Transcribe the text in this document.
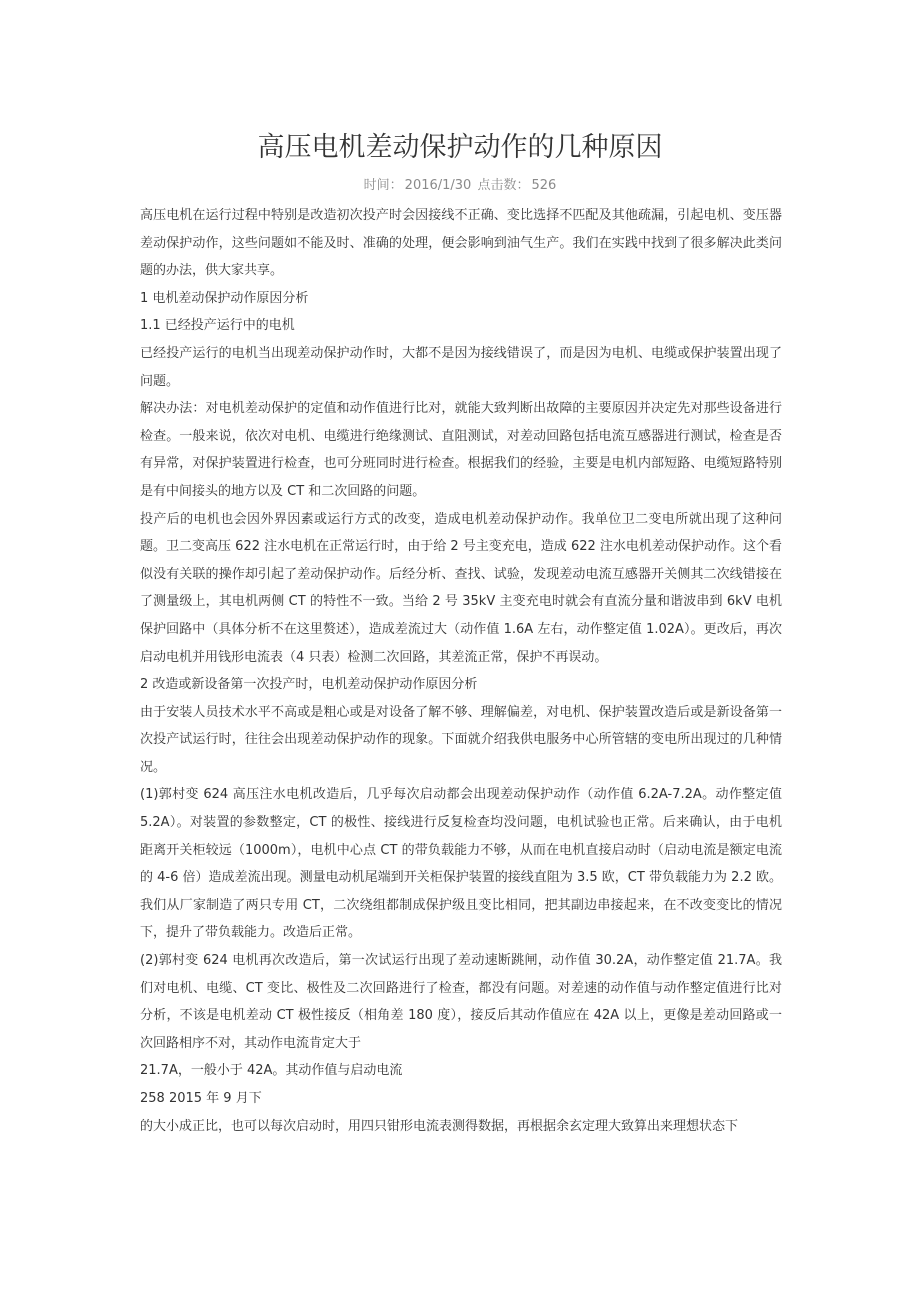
高压电机差动保护动作的几种原因
时间： 2016/1/30 点击数： 526

高压电机在运行过程中特别是改造初次投产时会因接线不正确、变比选择不匹配及其他疏漏，引起电机、变压器差动保护动作，这些问题如不能及时、准确的处理，便会影响到油气生产。我们在实践中找到了很多解决此类问题的办法，供大家共享。

1 电机差动保护动作原因分析

1.1 已经投产运行中的电机

已经投产运行的电机当出现差动保护动作时，大都不是因为接线错误了，而是因为电机、电缆或保护装置出现了问题。

解决办法：对电机差动保护的定值和动作值进行比对，就能大致判断出故障的主要原因并决定先对那些设备进行检查。一般来说，依次对电机、电缆进行绝缘测试、直阻测试，对差动回路包括电流互感器进行测试，检查是否有异常，对保护装置进行检查，也可分班同时进行检查。根据我们的经验，主要是电机内部短路、电缆短路特别是有中间接头的地方以及 CT 和二次回路的问题。

投产后的电机也会因外界因素或运行方式的改变，造成电机差动保护动作。我单位卫二变电所就出现了这种问题。卫二变高压 622 注水电机在正常运行时，由于给 2 号主变充电，造成 622 注水电机差动保护动作。这个看似没有关联的操作却引起了差动保护动作。后经分析、查找、试验，发现差动电流互感器开关侧其二次线错接在了测量级上，其电机两侧 CT 的特性不一致。当给 2 号 35kV 主变充电时就会有直流分量和谐波串到 6kV 电机保护回路中（具体分析不在这里赘述），造成差流过大（动作值 1.6A 左右，动作整定值 1.02A）。更改后，再次启动电机并用钱形电流表（4 只表）检测二次回路，其差流正常，保护不再误动。

2 改造或新设备第一次投产时，电机差动保护动作原因分析

由于安装人员技术水平不高或是粗心或是对设备了解不够、理解偏差，对电机、保护装置改造后或是新设备第一次投产试运行时，往往会出现差动保护动作的现象。下面就介绍我供电服务中心所管辖的变电所出现过的几种情况。

(1)郭村变 624 高压注水电机改造后，几乎每次启动都会出现差动保护动作（动作值 6.2A-7.2A。动作整定值 5.2A）。对装置的参数整定，CT 的极性、接线进行反复检查均没问题，电机试验也正常。后来确认，由于电机距离开关柜较远（1000m），电机中心点 CT 的带负载能力不够，从而在电机直接启动时（启动电流是额定电流的 4-6 倍）造成差流出现。测量电动机尾端到开关柜保护装置的接线直阻为 3.5 欧，CT 带负载能力为 2.2 欧。我们从厂家制造了两只专用 CT，二次绕组都制成保护级且变比相同，把其副边串接起来，在不改变变比的情况下，提升了带负载能力。改造后正常。

(2)郭村变 624 电机再次改造后，第一次试运行出现了差动速断跳闸，动作值 30.2A，动作整定值 21.7A。我们对电机、电缆、CT 变比、极性及二次回路进行了检查，都没有问题。对差速的动作值与动作整定值进行比对分析，不该是电机差动 CT 极性接反（相角差 180 度），接反后其动作值应在 42A 以上，更像是差动回路或一次回路相序不对，其动作电流肯定大于

21.7A，一般小于 42A。其动作值与启动电流

258 2015 年 9 月下

的大小成正比，也可以每次启动时，用四只钳形电流表测得数据，再根据余玄定理大致算出来理想状态下
